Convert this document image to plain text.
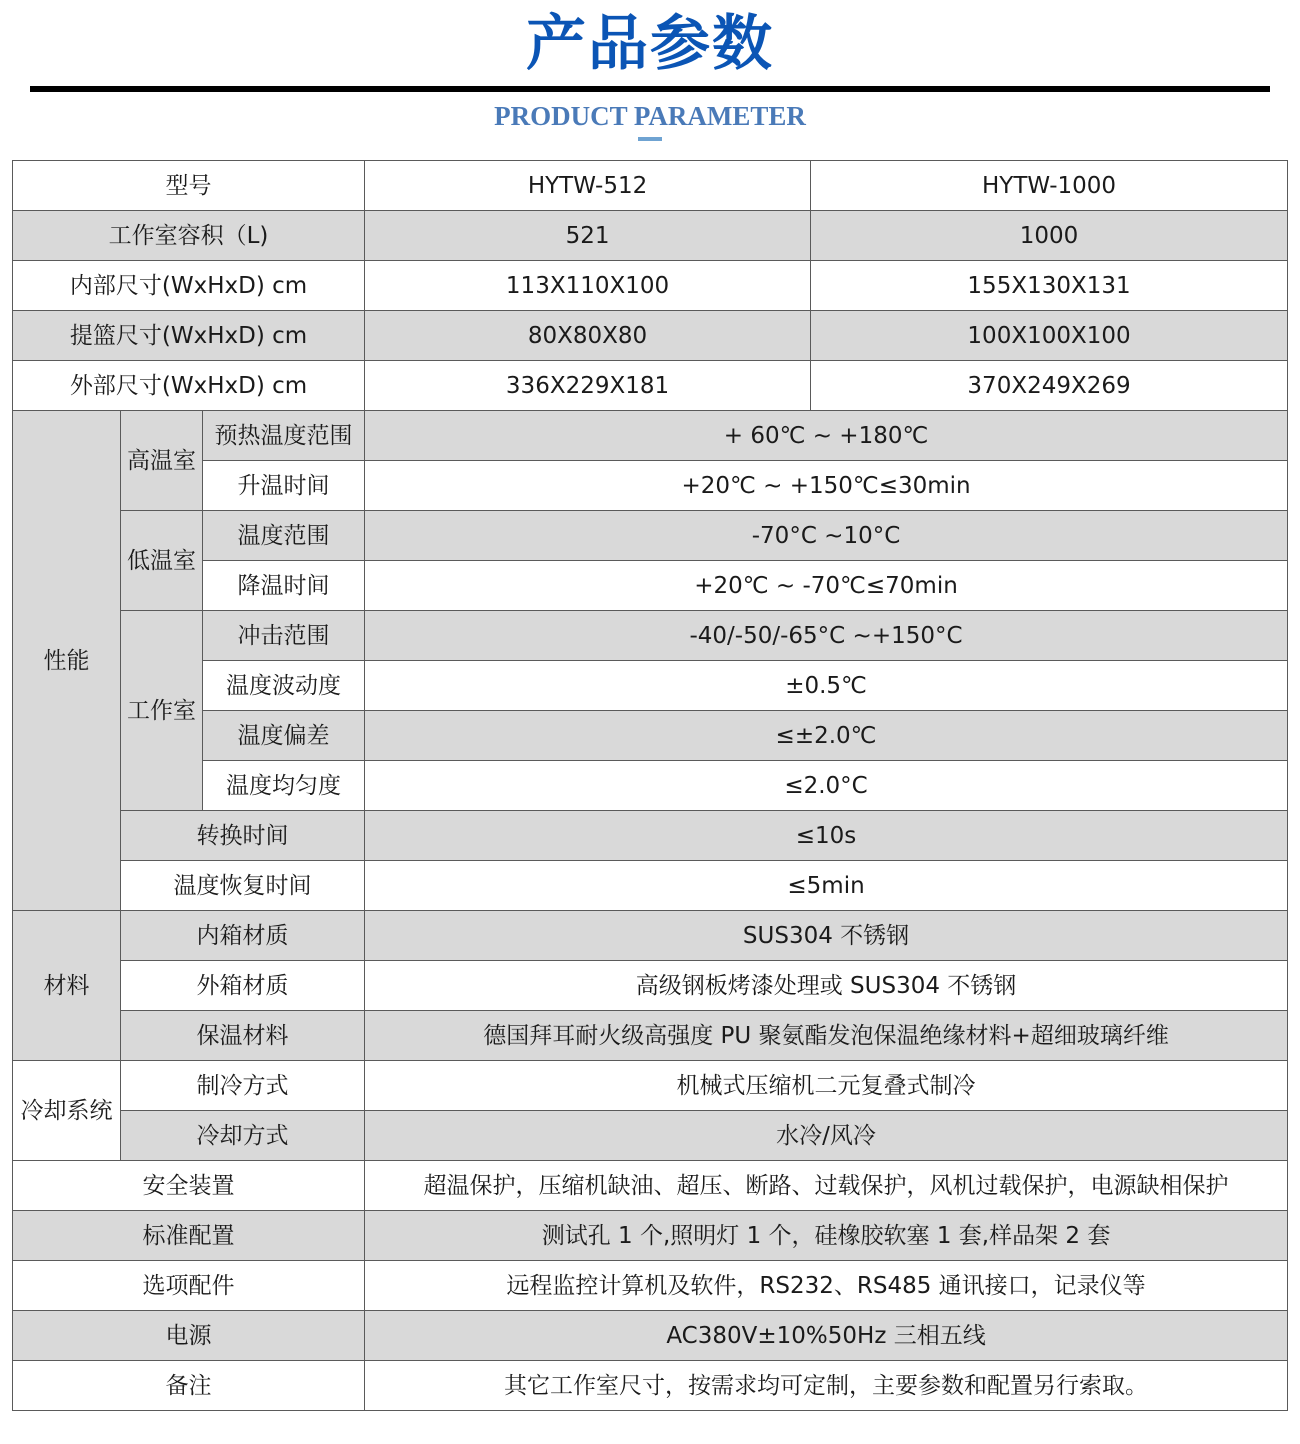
产品参数
PRODUCT PARAMETER
型号			HYTW-512	HYTW-1000
工作室容积（L)			521	1000
内部尺寸(WxHxD) cm			113X110X100	155X130X131
提篮尺寸(WxHxD) cm			80X80X80	100X100X100
外部尺寸(WxHxD) cm			336X229X181	370X249X269
性能	高温室	预热温度范围	+ 60℃ ~ +180℃	
		升温时间	+20℃ ~ +150℃≤30min	
	低温室	温度范围	-70°C ~10°C	
		降温时间	+20℃ ~ -70℃≤70min	
	工作室	冲击范围	-40/-50/-65°C ~+150°C	
		温度波动度	±0.5℃	
		温度偏差	≤±2.0℃	
		温度均匀度	≤2.0°C	
	转换时间		≤10s	
	温度恢复时间		≤5min	
材料	内箱材质		SUS304 不锈钢	
	外箱材质		高级钢板烤漆处理或 SUS304 不锈钢	
	保温材料		德国拜耳耐火级高强度 PU 聚氨酯发泡保温绝缘材料+超细玻璃纤维	
冷却系统	制冷方式		机械式压缩机二元复叠式制冷	
	冷却方式		水冷/风冷	
安全装置			超温保护，压缩机缺油、超压、断路、过载保护，风机过载保护，电源缺相保护	
标准配置			测试孔 1 个,照明灯 1 个，硅橡胶软塞 1 套,样品架 2 套	
选项配件			远程监控计算机及软件，RS232、RS485 通讯接口，记录仪等	
电源			AC380V±10%50Hz 三相五线	
备注			其它工作室尺寸，按需求均可定制，主要参数和配置另行索取。	
